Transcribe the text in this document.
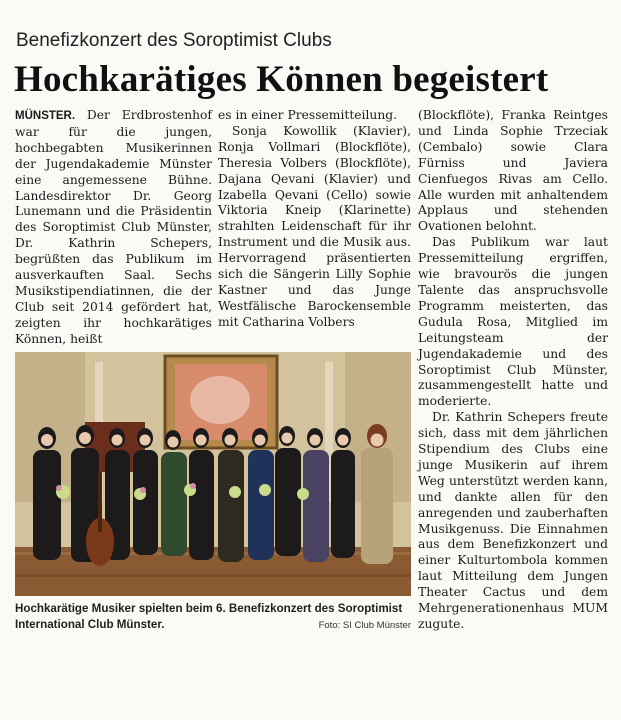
Benefizkonzert des Soroptimist Clubs
Hochkarätiges Können begeistert

MÜNSTER. Der Erdbrostenhof war für die jungen, hochbegabten Musikerinnen der Jugendakademie Münster eine angemessene Bühne. Landesdirektor Dr. Georg Lunemann und die Präsidentin des Soroptimist Club Münster, Dr. Kathrin Schepers, begrüßten das Publikum im ausverkauften Saal. Sechs Musikstipendiatinnen, die der Club seit 2014 gefördert hat, zeigten ihr hochkarätiges Können, heißt

es in einer Pressemitteilung.

Sonja Kowollik (Klavier), Ronja Vollmari (Blockflöte), Theresia Volbers (Blockflöte), Dajana Qevani (Klavier) und Izabella Qevani (Cello) sowie Viktoria Kneip (Klarinette) strahlten Leidenschaft für ihr Instrument und die Musik aus. Hervorragend präsentierten sich die Sängerin Lilly Sophie Kastner und das Junge Westfälische Barockensemble mit Catharina Volbers

(Blockflöte), Franka Reintges und Linda Sophie Trzeciak (Cembalo) sowie Clara Fürniss und Javiera Cienfuegos Rivas am Cello. Alle wurden mit anhaltendem Applaus und stehenden Ovationen belohnt.

Das Publikum war laut Pressemitteilung ergriffen, wie bravourös die jungen Talente das anspruchsvolle Programm meisterten, das Gudula Rosa, Mitglied im Leitungsteam der Jugendakademie und des Soroptimist Club Münster, zusammengestellt hatte und moderierte.

Dr. Kathrin Schepers freute sich, dass mit dem jährlichen Stipendium des Clubs eine junge Musikerin auf ihrem Weg unterstützt werden kann, und dankte allen für den anregenden und zauberhaften Musikgenuss. Die Einnahmen aus dem Benefizkonzert und einer Kulturtombola kommen laut Mitteilung dem Jungen Theater Cactus und dem Mehrgenerationenhaus MUM zugute.

Hochkarätige Musiker spielten beim 6. Benefizkonzert des Soroptimist International Club Münster.	Foto: SI Club Münster
